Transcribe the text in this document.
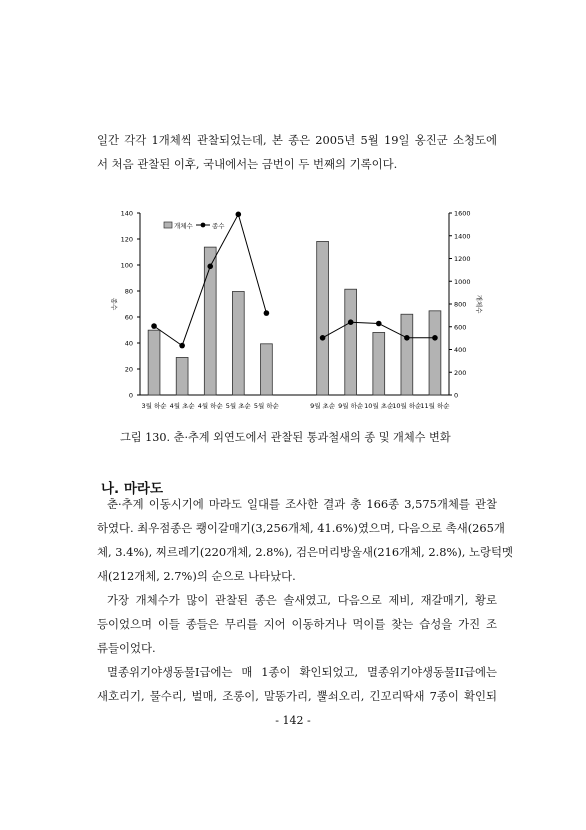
일간 각각 1개체씩 관찰되었는데, 본 종은 2005년 5월 19일 옹진군 소청도에
서 처음 관찰된 이후, 국내에서는 금번이 두 번째의 기록이다.
0
20
40
60
80
100
120
140
0
200
400
600
800
1000
1200
1400
1600
종수	개체수
3월 하순 4월 초순 4월 하순 5월 초순 5월 하순	9월 초순 9월 하순 10월 초순
10월 하순
11월 하순
개체수	종수
그림 130. 춘·추계 외연도에서 관찰된 통과철새의 종 및 개체수 변화
나. 마라도
춘·추계 이동시기에 마라도 일대를 조사한 결과 총 166종 3,575개체를 관찰
하였다. 최우점종은 쾡이갈매기(3,256개체, 41.6%)였으며, 다음으로 촉새(265개
체, 3.4%), 찌르레기(220개체, 2.8%), 검은머리방울새(216개체, 2.8%), 노랑턱멧
새(212개체, 2.7%)의 순으로 나타났다.
가장 개체수가 많이 관찰된 종은 솔새였고, 다음으로 제비, 재갈매기, 황로
등이었으며 이들 종들은 무리를 지어 이동하거나 먹이를 찾는 습성을 가진 조
류들이었다.
멸종위기야생동물I급에는 매 1종이 확인되었고, 멸종위기야생동물II급에는
새호리기, 물수리, 벌매, 조롱이, 말똥가리, 뿔쇠오리, 긴꼬리딱새 7종이 확인되
- 142 -
